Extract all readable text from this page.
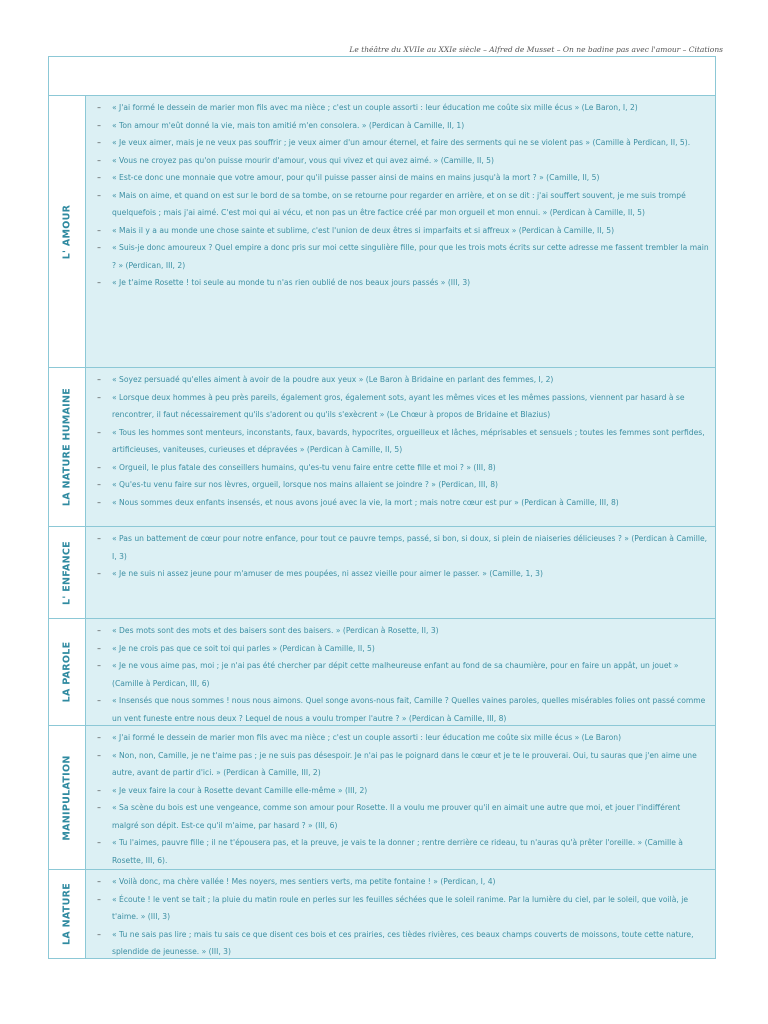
Le théâtre du XVIIe au XXIe siècle – Alfred de Musset – On ne badine pas avec l'amour – Citations
L' AMOUR
–	« J'ai formé le dessein de marier mon fils avec ma nièce ; c'est un couple assorti : leur éducation me coûte six mille écus » (Le Baron, I, 2)
–	« Ton amour m'eût donné la vie, mais ton amitié m'en consolera. » (Perdican à Camille, II, 1)
–	« Je veux aimer, mais je ne veux pas souffrir ; je veux aimer d'un amour éternel, et faire des serments qui ne se violent pas » (Camille à Perdican, II, 5).
–	« Vous ne croyez pas qu'on puisse mourir d'amour, vous qui vivez et qui avez aimé. » (Camille, II, 5)
–	« Est-ce donc une monnaie que votre amour, pour qu'il puisse passer ainsi de mains en mains jusqu'à la mort ? » (Camille, II, 5)
–	« Mais on aime, et quand on est sur le bord de sa tombe, on se retourne pour regarder en arrière, et on se dit : j'ai souffert souvent, je me suis trompé quelquefois ; mais j'ai aimé. C'est moi qui ai vécu, et non pas un être factice créé par mon orgueil et mon ennui. » (Perdican à Camille, II, 5)
–	« Mais il y a au monde une chose sainte et sublime, c'est l'union de deux êtres si imparfaits et si affreux » (Perdican à Camille, II, 5)
–	« Suis-je donc amoureux ? Quel empire a donc pris sur moi cette singulière fille, pour que les trois mots écrits sur cette adresse me fassent trembler la main ? » (Perdican, III, 2)
–	« Je t'aime Rosette ! toi seule au monde tu n'as rien oublié de nos beaux jours passés » (III, 3)
LA NATURE HUMAINE
–	« Soyez persuadé qu'elles aiment à avoir de la poudre aux yeux » (Le Baron à Bridaine en parlant des femmes, I, 2)
–	« Lorsque deux hommes à peu près pareils, également gros, également sots, ayant les mêmes vices et les mêmes passions, viennent par hasard à se rencontrer, il faut nécessairement qu'ils s'adorent ou qu'ils s'exècrent » (Le Chœur à propos de Bridaine et Blazius)
–	« Tous les hommes sont menteurs, inconstants, faux, bavards, hypocrites, orgueilleux et lâches, méprisables et sensuels ; toutes les femmes sont perfides, artificieuses, vaniteuses, curieuses et dépravées » (Perdican à Camille, II, 5)
–	« Orgueil, le plus fatale des conseillers humains, qu'es-tu venu faire entre cette fille et moi ? » (III, 8)
–	« Qu'es-tu venu faire sur nos lèvres, orgueil, lorsque nos mains allaient se joindre ? » (Perdican, III, 8)
–	« Nous sommes deux enfants insensés, et nous avons joué avec la vie, la mort ; mais notre cœur est pur » (Perdican à Camille, III, 8)
L' ENFANCE
–	« Pas un battement de cœur pour notre enfance, pour tout ce pauvre temps, passé, si bon, si doux, si plein de niaiseries délicieuses ? » (Perdican à Camille, I, 3)
–	« Je ne suis ni assez jeune pour m'amuser de mes poupées, ni assez vieille pour aimer le passer. » (Camille, 1, 3)
LA PAROLE
–	« Des mots sont des mots et des baisers sont des baisers. » (Perdican à Rosette, II, 3)
–	« Je ne crois pas que ce soit toi qui parles » (Perdican à Camille, II, 5)
–	« Je ne vous aime pas, moi ; je n'ai pas été chercher par dépit cette malheureuse enfant au fond de sa chaumière, pour en faire un appât, un jouet » (Camille à Perdican, III, 6)
–	« Insensés que nous sommes ! nous nous aimons. Quel songe avons-nous fait, Camille ? Quelles vaines paroles, quelles misérables folies ont passé comme un vent funeste entre nous deux ? Lequel de nous a voulu tromper l'autre ? » (Perdican à Camille, III, 8)
MANIPULATION
–	« J'ai formé le dessein de marier mon fils avec ma nièce ; c'est un couple assorti : leur éducation me coûte six mille écus » (Le Baron)
–	« Non, non, Camille, je ne t'aime pas ; je ne suis pas désespoir. Je n'ai pas le poignard dans le cœur et je te le prouverai. Oui, tu sauras que j'en aime une autre, avant de partir d'ici. » (Perdican à Camille, III, 2)
–	« Je veux faire la cour à Rosette devant Camille elle-même » (III, 2)
–	« Sa scène du bois est une vengeance, comme son amour pour Rosette. Il a voulu me prouver qu'il en aimait une autre que moi, et jouer l'indifférent malgré son dépit. Est-ce qu'il m'aime, par hasard ? » (III, 6)
–	« Tu l'aimes, pauvre fille ; il ne t'épousera pas, et la preuve, je vais te la donner ; rentre derrière ce rideau, tu n'auras qu'à prêter l'oreille. » (Camille à Rosette, III, 6).
LA NATURE
–	« Voilà donc, ma chère vallée ! Mes noyers, mes sentiers verts, ma petite fontaine ! » (Perdican, I, 4)
–	« Écoute ! le vent se tait ; la pluie du matin roule en perles sur les feuilles séchées que le soleil ranime. Par la lumière du ciel, par le soleil, que voilà, je t'aime. » (III, 3)
–	« Tu ne sais pas lire ; mais tu sais ce que disent ces bois et ces prairies, ces tièdes rivières, ces beaux champs couverts de moissons, toute cette nature, splendide de jeunesse. » (III, 3)
